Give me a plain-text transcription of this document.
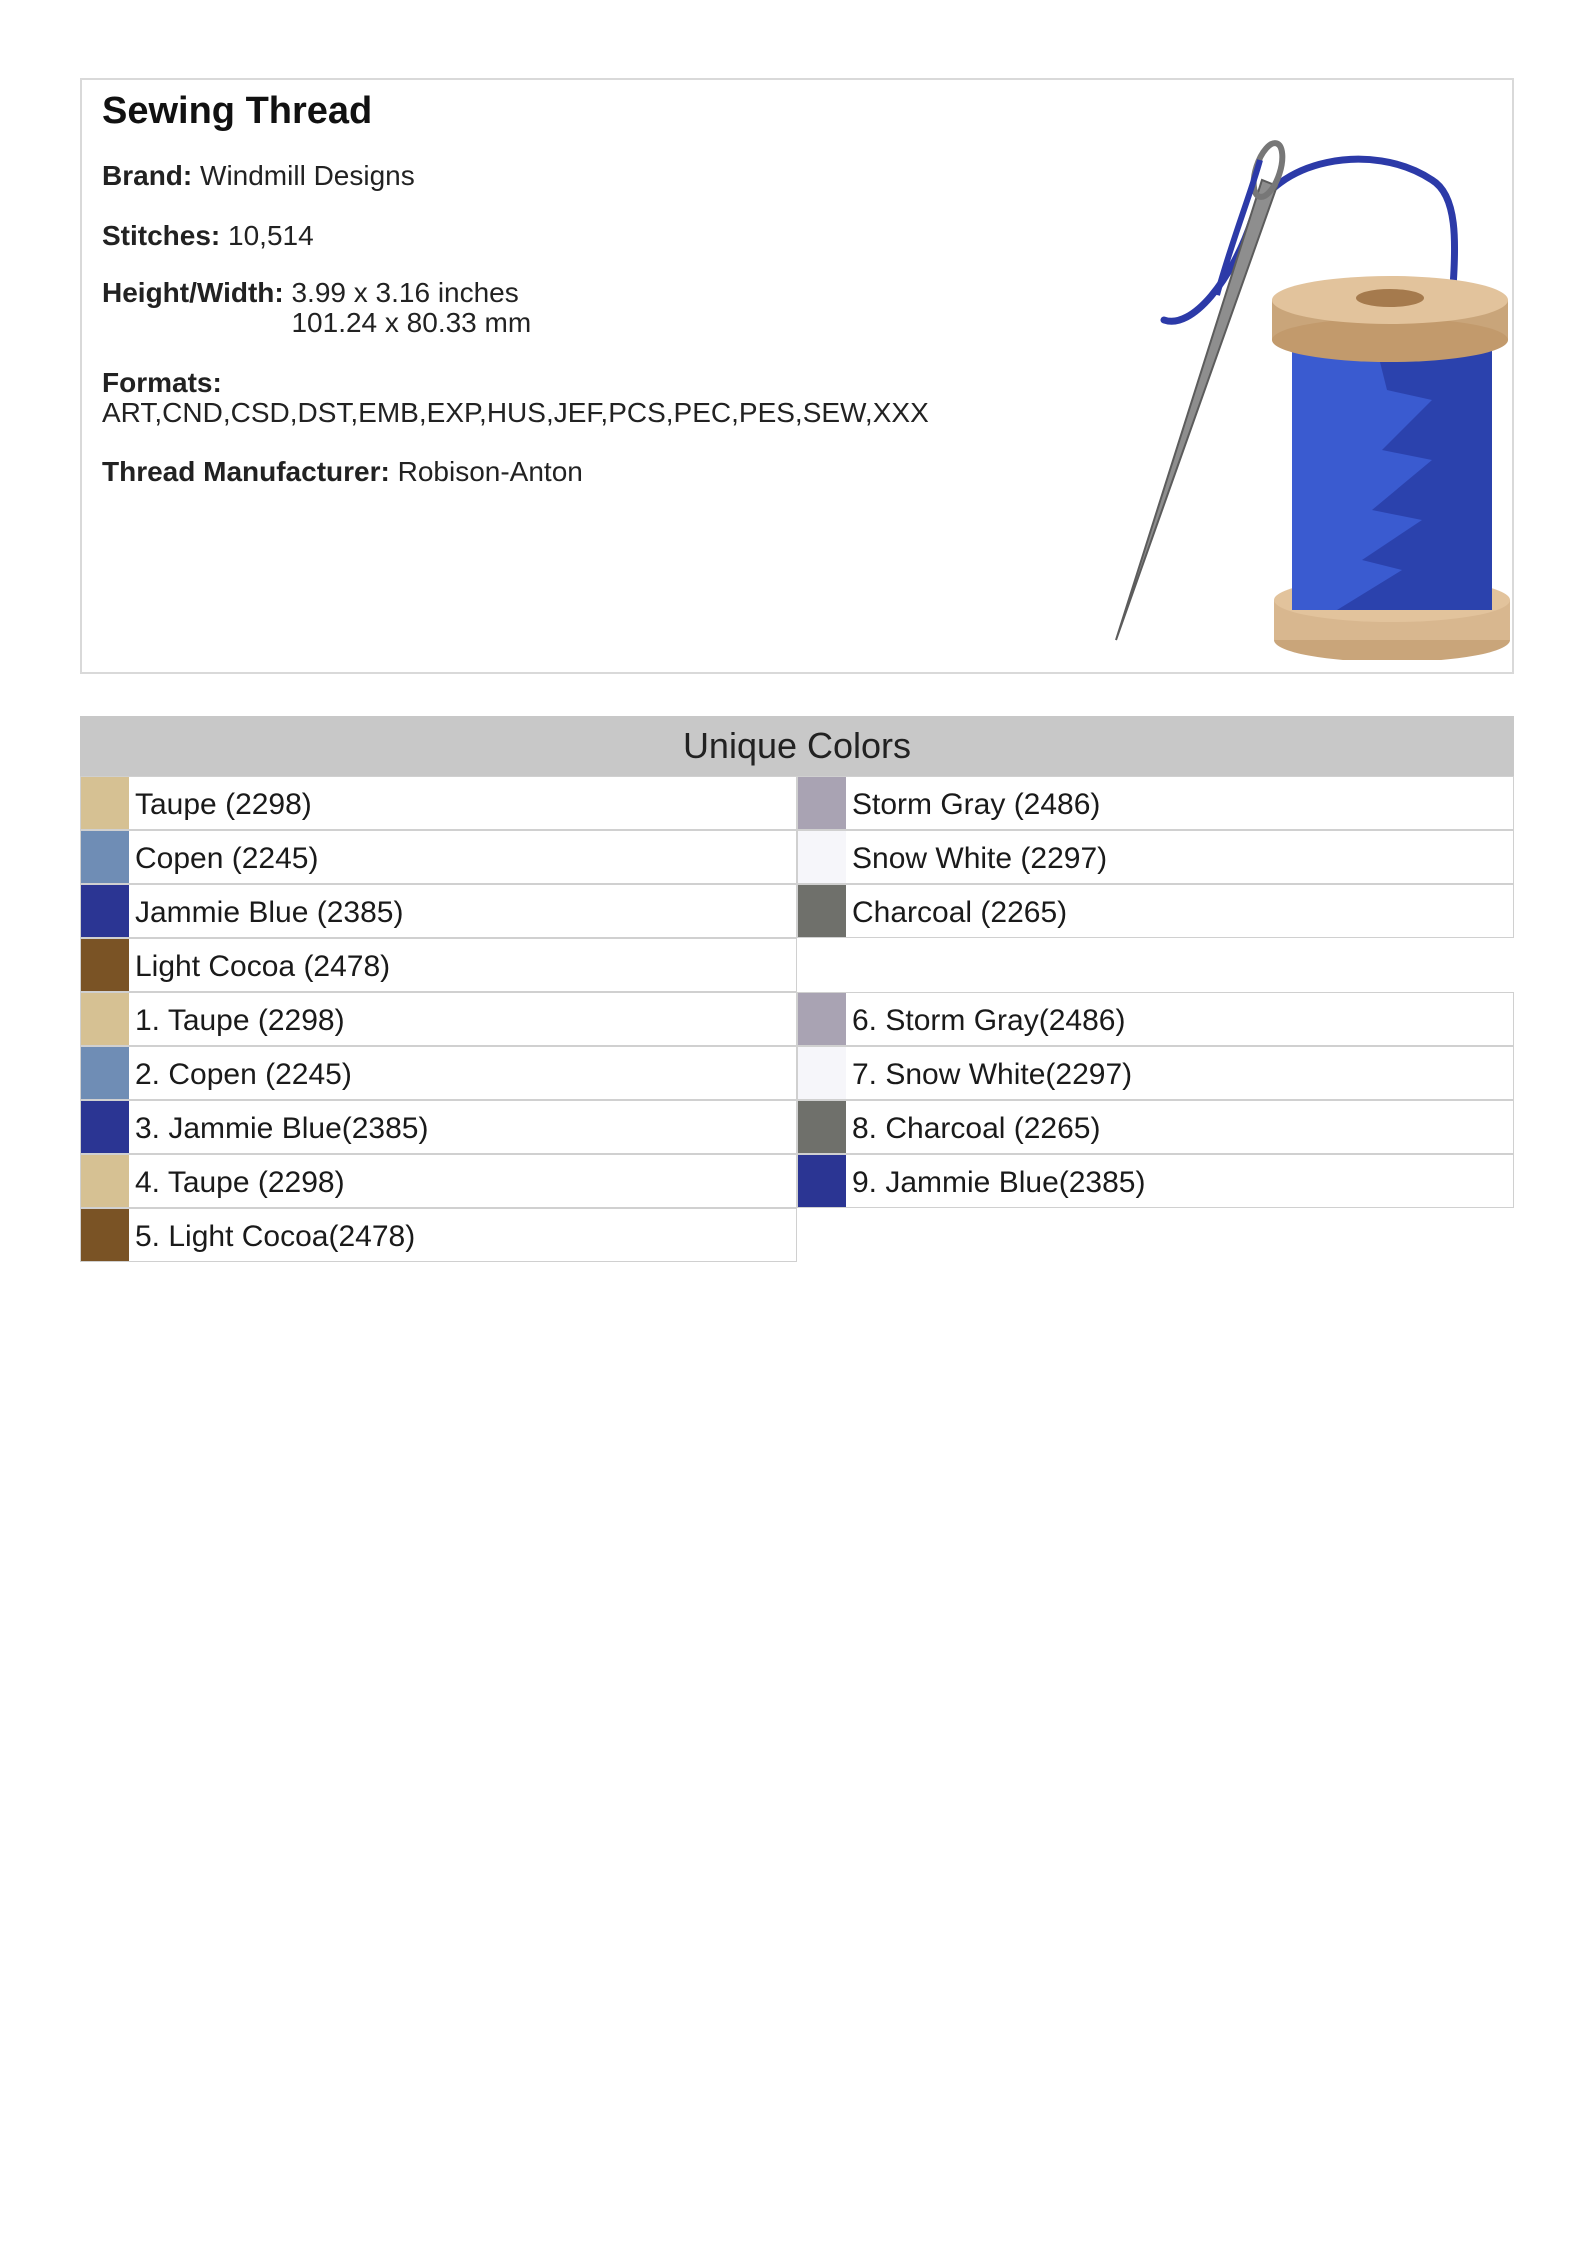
Sewing Thread
Brand: Windmill Designs
Stitches: 10,514
Height/Width: 3.99 x 3.16 inches
101.24 x 80.33 mm
Formats:
ART,CND,CSD,DST,EMB,EXP,HUS,JEF,PCS,PEC,PES,SEW,XXX
Thread Manufacturer: Robison-Anton
Unique Colors
Taupe (2298)
Copen (2245)
Jammie Blue (2385)
Light Cocoa (2478)
Storm Gray (2486)
Snow White (2297)
Charcoal (2265)
1. Taupe (2298)
2. Copen (2245)
3. Jammie Blue(2385)
4. Taupe (2298)
5. Light Cocoa(2478)
6. Storm Gray(2486)
7. Snow White(2297)
8. Charcoal (2265)
9. Jammie Blue(2385)
